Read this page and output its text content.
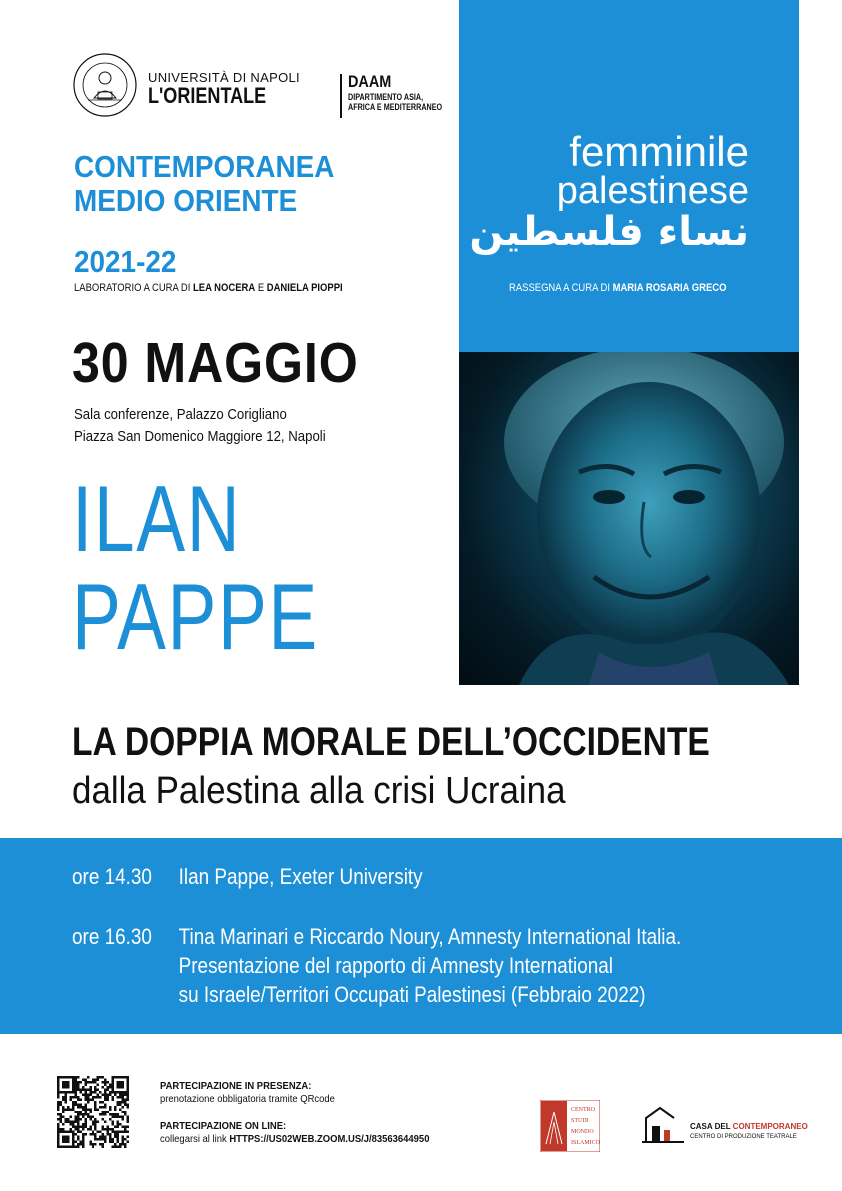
UNIVERSITÀ DI NAPOLI
L'ORIENTALE
DAAM
DIPARTIMENTO ASIA,
AFRICA E MEDITERRANEO
CONTEMPORANEA
MEDIO ORIENTE
2021-22
LABORATORIO A CURA DI LEA NOCERA E DANIELA PIOPPI
30 MAGGIO
Sala conferenze, Palazzo Corigliano
Piazza San Domenico Maggiore 12, Napoli
ILAN
PAPPE
femminile
palestinese
نساء فلسطين
RASSEGNA A CURA DI MARIA ROSARIA GRECO
LA DOPPIA MORALE DELL’OCCIDENTE
dalla Palestina alla crisi Ucraina
ore 14.30 Ilan Pappe, Exeter University
ore 16.30 Tina Marinari e Riccardo Noury, Amnesty International Italia.
Presentazione del rapporto di Amnesty International
su Israele/Territori Occupati Palestinesi (Febbraio 2022)
PARTECIPAZIONE IN PRESENZA:
prenotazione obbligatoria tramite QRcode
PARTECIPAZIONE ON LINE:
collegarsi al link HTTPS://US02WEB.ZOOM.US/J/83563644950
CENTRO
STUDI
MONDO
ISLAMICO
CASA DEL CONTEMPORANEO
CENTRO DI PRODUZIONE TEATRALE
